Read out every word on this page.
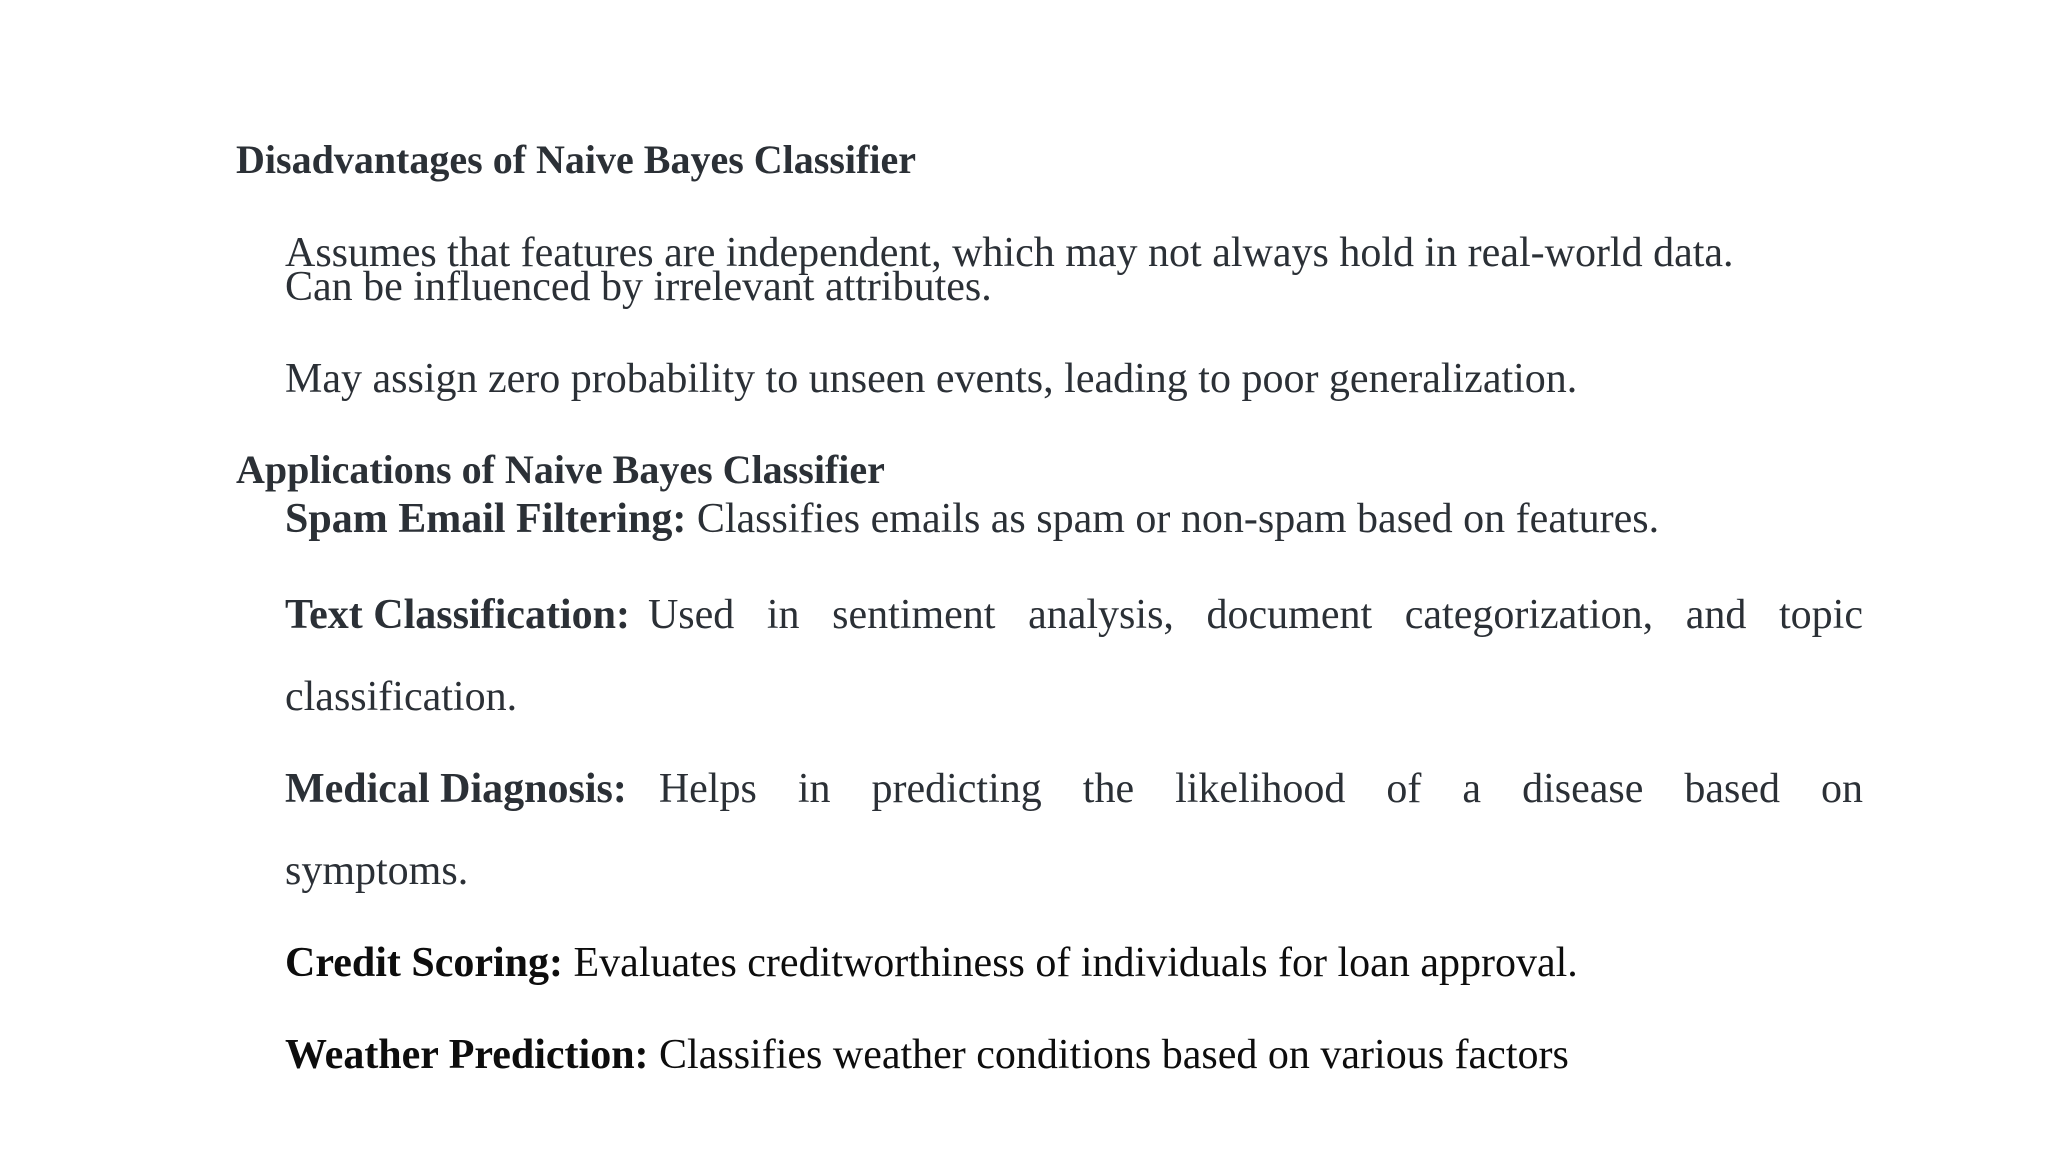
Disadvantages of Naive Bayes Classifier
Assumes that features are independent, which may not always hold in real-world data.
Can be influenced by irrelevant attributes.
May assign zero probability to unseen events, leading to poor generalization.
Applications of Naive Bayes Classifier
Spam Email Filtering: Classifies emails as spam or non-spam based on features.
Text Classification: Used in sentiment analysis, document categorization, and topic
classification.
Medical Diagnosis: Helps in predicting the likelihood of a disease based on
symptoms.
Credit Scoring: Evaluates creditworthiness of individuals for loan approval.
Weather Prediction: Classifies weather conditions based on various factors
